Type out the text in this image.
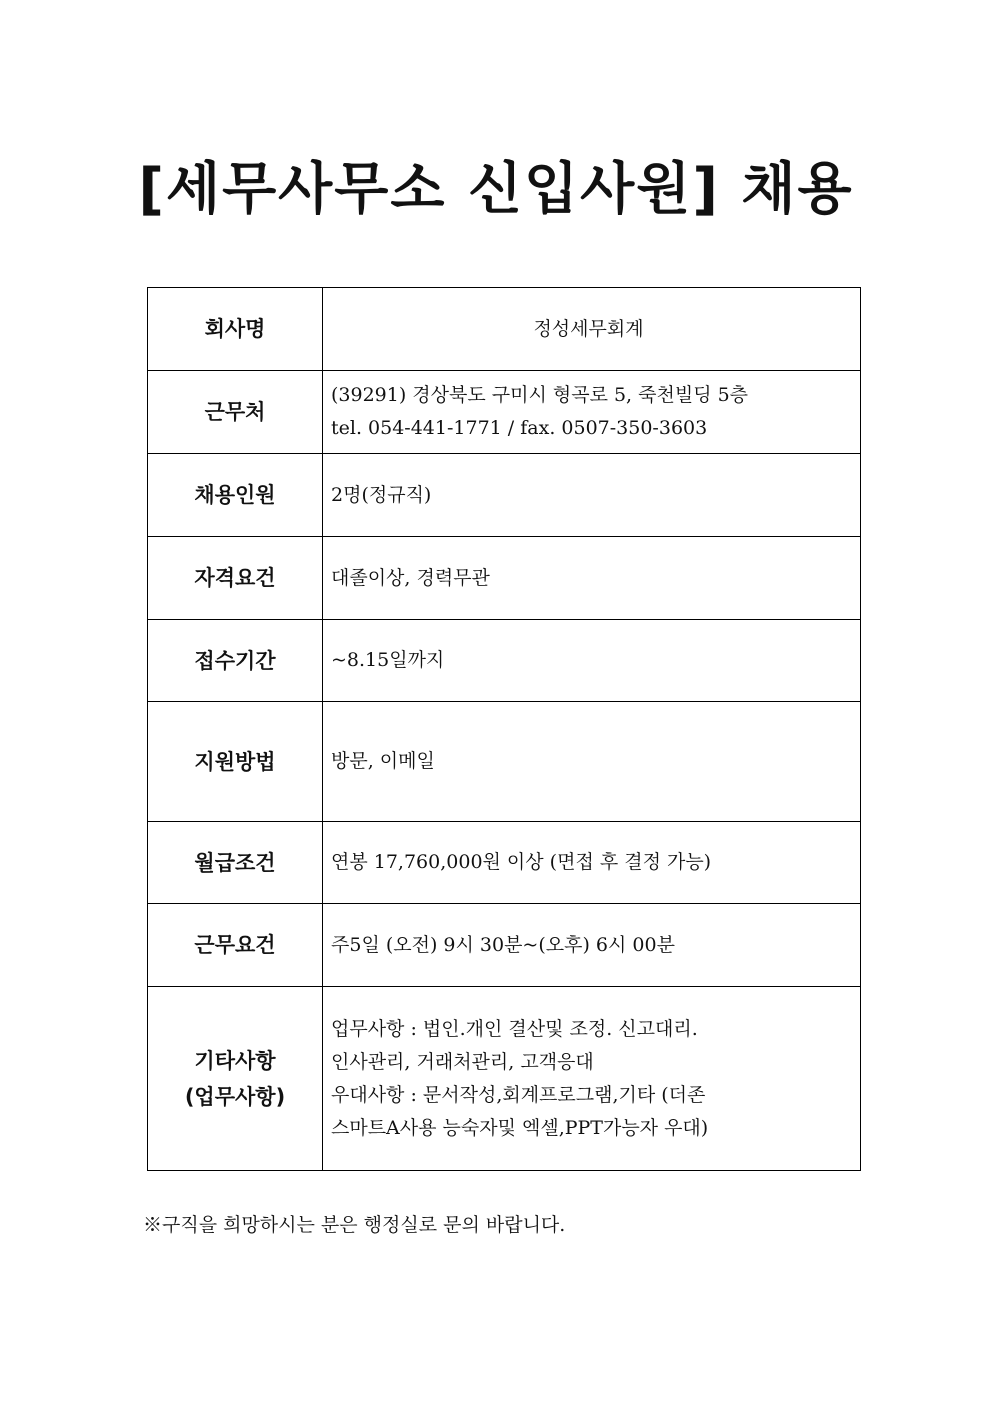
[세무사무소 신입사원] 채용
회사명	정성세무회계

근무처	(39291) 경상북도 구미시 형곡로 5, 죽천빌딩 5층
tel. 054-441-1771 / fax. 0507-350-3603

채용인원	2명(정규직)

자격요건	대졸이상, 경력무관

접수기간	~8.15일까지

지원방법	방문, 이메일

월급조건	연봉 17,760,000원 이상 (면접 후 결정 가능)

근무요건	주5일 (오전) 9시 30분~(오후) 6시 00분

기타사항
(업무사항)	업무사항 : 법인.개인 결산및 조정. 신고대리.
인사관리, 거래처관리, 고객응대
우대사항 : 문서작성,회계프로그램,기타 (더존
스마트A사용 능숙자및 엑셀,PPT가능자 우대)
※구직을 희망하시는 분은 행정실로 문의 바랍니다.
